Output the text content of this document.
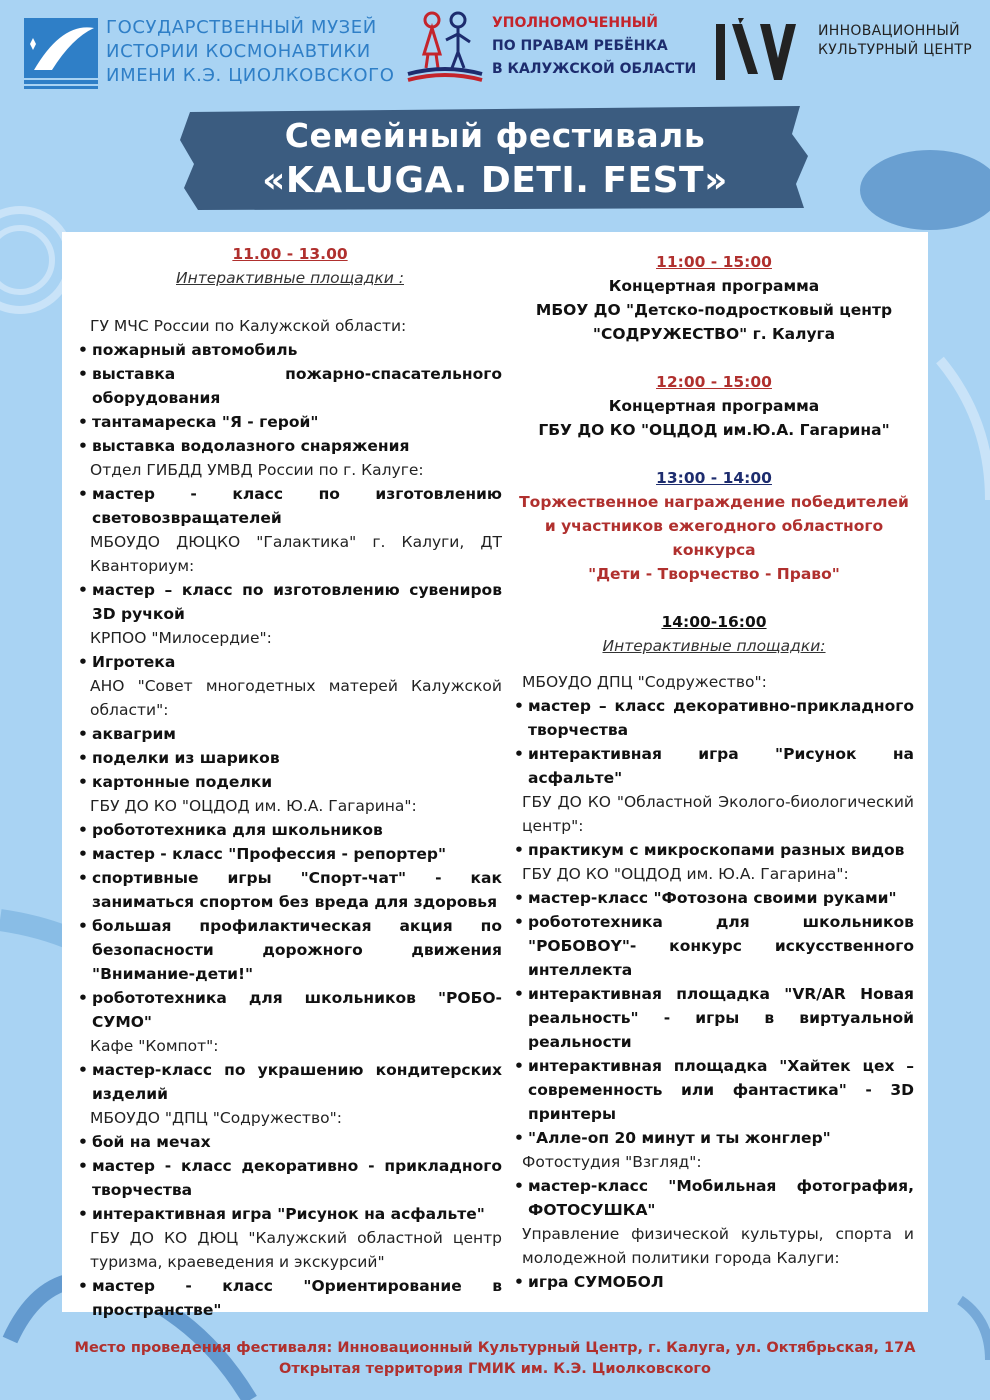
ГОСУДАРСТВЕННЫЙ МУЗЕЙ
ИСТОРИИ КОСМОНАВТИКИ
ИМЕНИ К.Э. ЦИОЛКОВСКОГО
УПОЛНОМОЧЕННЫЙ
ПО ПРАВАМ РЕБЁНКА
В КАЛУЖСКОЙ ОБЛАСТИ
ИННОВАЦИОННЫЙ
КУЛЬТУРНЫЙ ЦЕНТР
Семейный фестиваль
«KALUGA. DETI. FEST»
11.00 - 13.00
Интерактивные площадки :
ГУ МЧС России по Калужской области:
• пожарный автомобиль
• выставка пожарно-спасательного оборудования
• тантамареска "Я - герой"
• выставка водолазного снаряжения
Отдел ГИБДД УМВД России по г. Калуге:
• мастер - класс по изготовлению световозвращателей
МБОУДО ДЮЦКО "Галактика" г. Калуги, ДТ Кванториум:
• мастер – класс по изготовлению сувениров 3D ручкой
КРПОО "Милосердие":
• Игротека
АНО "Совет многодетных матерей Калужской области":
• аквагрим
• поделки из шариков
• картонные поделки
ГБУ ДО КО "ОЦДОД им. Ю.А. Гагарина":
• робототехника для школьников
• мастер - класс "Профессия - репортер"
• спортивные игры "Спорт-чат" - как заниматься спортом без вреда для здоровья
• большая профилактическая акция по безопасности дорожного движения "Внимание-дети!"
• робототехника для школьников "РОБО-СУМО"
Кафе "Компот":
• мастер-класс по украшению кондитерских изделий
МБОУДО "ДПЦ "Содружество":
• бой на мечах
• мастер - класс декоративно - прикладного творчества
• интерактивная игра "Рисунок на асфальте"
ГБУ ДО КО ДЮЦ "Калужский областной центр туризма, краеведения и экскурсий"
• мастер - класс "Ориентирование в пространстве"
11:00 - 15:00
Концертная программа
МБОУ ДО "Детско-подростковый центр
"СОДРУЖЕСТВО" г. Калуга
12:00 - 15:00
Концертная программа
ГБУ ДО КО "ОЦДОД им.Ю.А. Гагарина"
13:00 - 14:00
Торжественное награждение победителей
и участников ежегодного областного
конкурса
"Дети - Творчество - Право"
14:00-16:00
Интерактивные площадки:
МБОУДО ДПЦ "Содружество":
• мастер – класс декоративно-прикладного творчества
• интерактивная игра "Рисунок на асфальте"
ГБУ ДО КО "Областной Эколого-биологический центр":
• практикум с микроскопами разных видов
ГБУ ДО КО "ОЦДОД им. Ю.А. Гагарина":
• мастер-класс "Фотозона своими руками"
• робототехника для школьников "РОБОВОY"- конкурс искусственного интеллекта
• интерактивная площадка "VR/AR Новая реальность" - игры в виртуальной реальности
• интерактивная площадка "Хайтек цех – современность или фантастика" - 3D принтеры
• "Алле-оп 20 минут и ты жонглер"
Фотостудия "Взгляд":
• мастер-класс "Мобильная фотография, ФОТОСУШКА"
Управление физической культуры, спорта и молодежной политики города Калуги:
• игра СУМОБОЛ
Место проведения фестиваля: Инновационный Культурный Центр, г. Калуга, ул. Октябрьская, 17А
Открытая территория ГМИК им. К.Э. Циолковского
